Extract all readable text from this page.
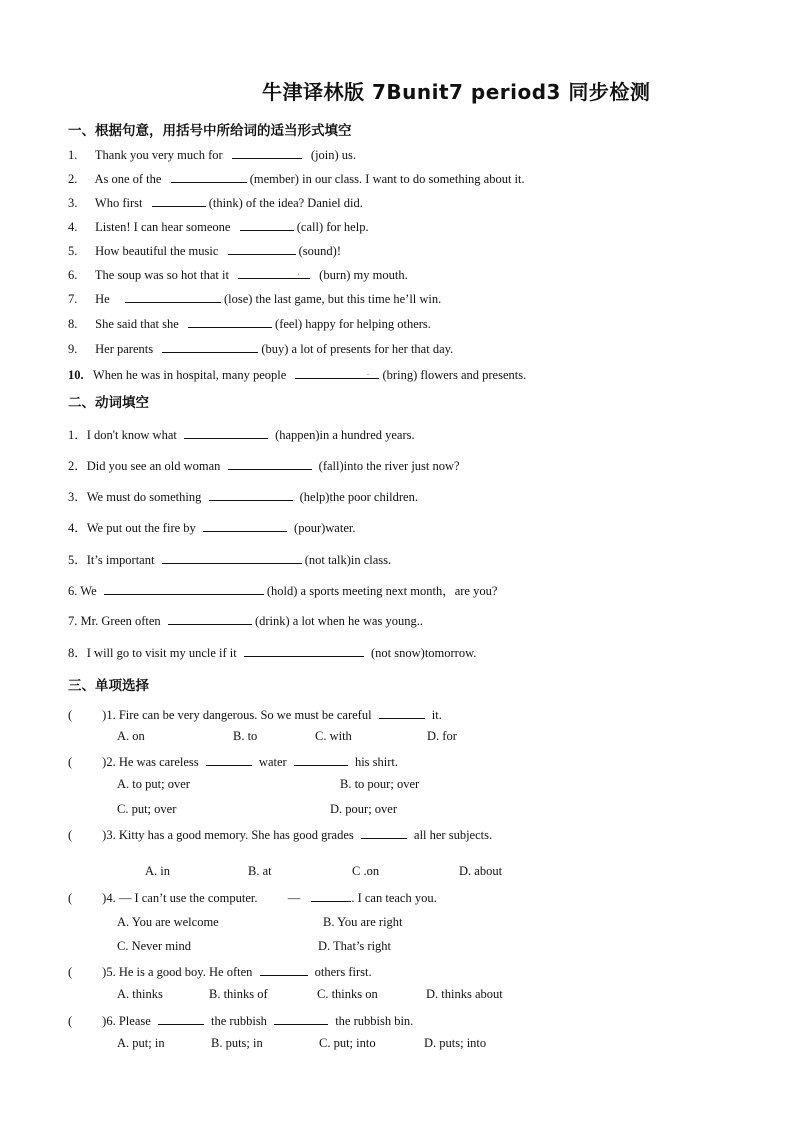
牛津译林版 7Bunit7 period3 同步检测
一、根据句意，用括号中所给词的适当形式填空
1. Thank you very much for	(join) us.
2. As one of the	(member) in our class. I want to do something about it.
3. Who first	(think) of the idea? Daniel did.
4. Listen! I can hear someone	(call) for help.
5. How beautiful the music	(sound)!
6. The soup was so hot that it	. (burn) my mouth.
7. He	(lose) the last game, but this time he’ll win.
8. She said that she	(feel) happy for helping others.
9. Her parents	(buy) a lot of presents for her that day.
10. When he was in hospital, many people	. (bring) flowers and presents.
二、动词填空
1．I don't know what	(happen)in a hundred years.
2．Did you see an old woman	(fall)into the river just now?
3．We must do something	(help)the poor children.
4．We put out the fire by	(pour)water.
5．It’s important	(not talk)in class.
6. We	(hold) a sports meeting next month，are you?
7. Mr. Green often	(drink) a lot when he was young..
8．I will go to visit my uncle if it	(not snow)tomorrow.
三、单项选择
( )1. Fire can be very dangerous. So we must be careful	it.
A. on	B. to	C. with	D. for
( )2. He was careless	water	his shirt.
A. to put; over	B. to pour; over
C. put; over	D. pour; over
( )3. Kitty has a good memory. She has good grades	all her subjects.
A. in	B. at	C .on	D. about
( )4. — I can’t use the computer. —	. I can teach you.
A. You are welcome	B. You are right
C. Never mind	D. That’s right
( )5. He is a good boy. He often	others first.
A. thinks	B. thinks of	C. thinks on	D. thinks about
( )6. Please	the rubbish	the rubbish bin.
A. put; in	B. puts; in	C. put; into	D. puts; into
